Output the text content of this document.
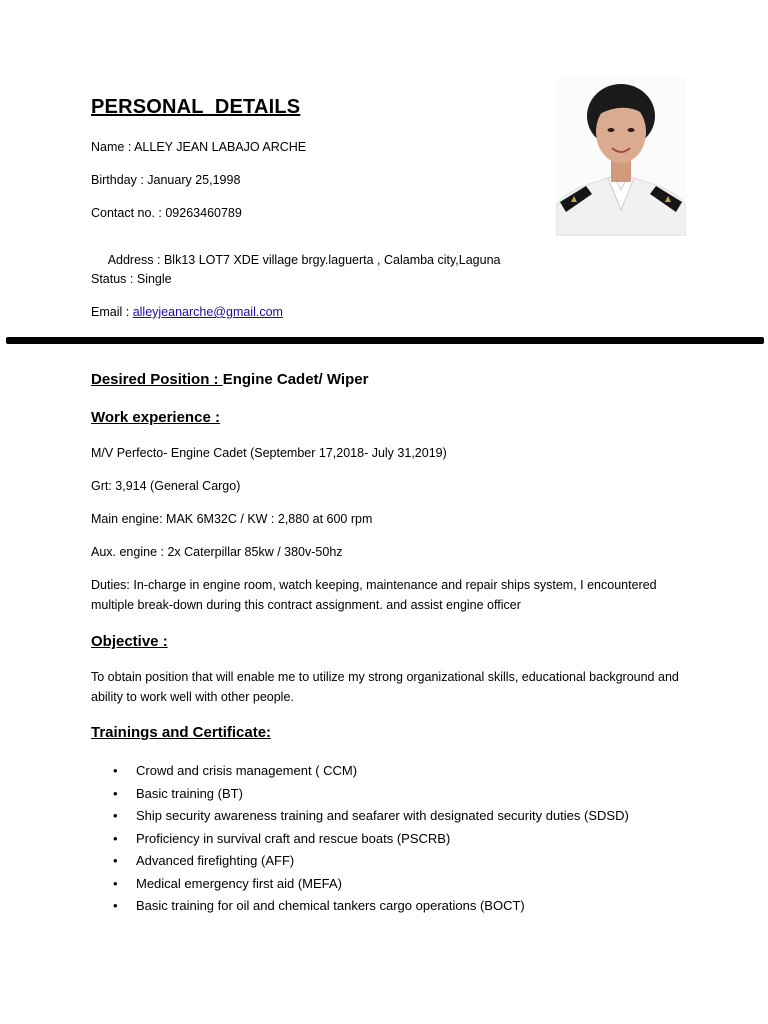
PERSONAL  DETAILS
Name : ALLEY JEAN LABAJO ARCHE
Birthday : January 25,1998
Contact no. : 09263460789

Address : Blk13 LOT7 XDE village brgy.laguerta , Calamba city,Laguna

Status : Single
Email : alleyjeanarche@gmail.com
Desired Position : Engine Cadet/ Wiper
Work experience :
M/V Perfecto- Engine Cadet (September 17,2018- July 31,2019)
Grt: 3,914 (General Cargo)
Main engine: MAK 6M32C / KW : 2,880 at 600 rpm
Aux. engine : 2x Caterpillar 85kw / 380v-50hz
Duties: In-charge in engine room, watch keeping, maintenance and repair ships system, I encountered multiple break-down during this contract assignment. and assist engine officer
Objective :
To obtain position that will enable me to utilize my strong organizational skills, educational background and ability to work well with other people.
Trainings and Certificate:
• Crowd and crisis management ( CCM)
• Basic training (BT)
• Ship security awareness training and seafarer with designated security duties (SDSD)
• Proficiency in survival craft and rescue boats (PSCRB)
• Advanced firefighting (AFF)
• Medical emergency first aid (MEFA)
• Basic training for oil and chemical tankers cargo operations (BOCT)
